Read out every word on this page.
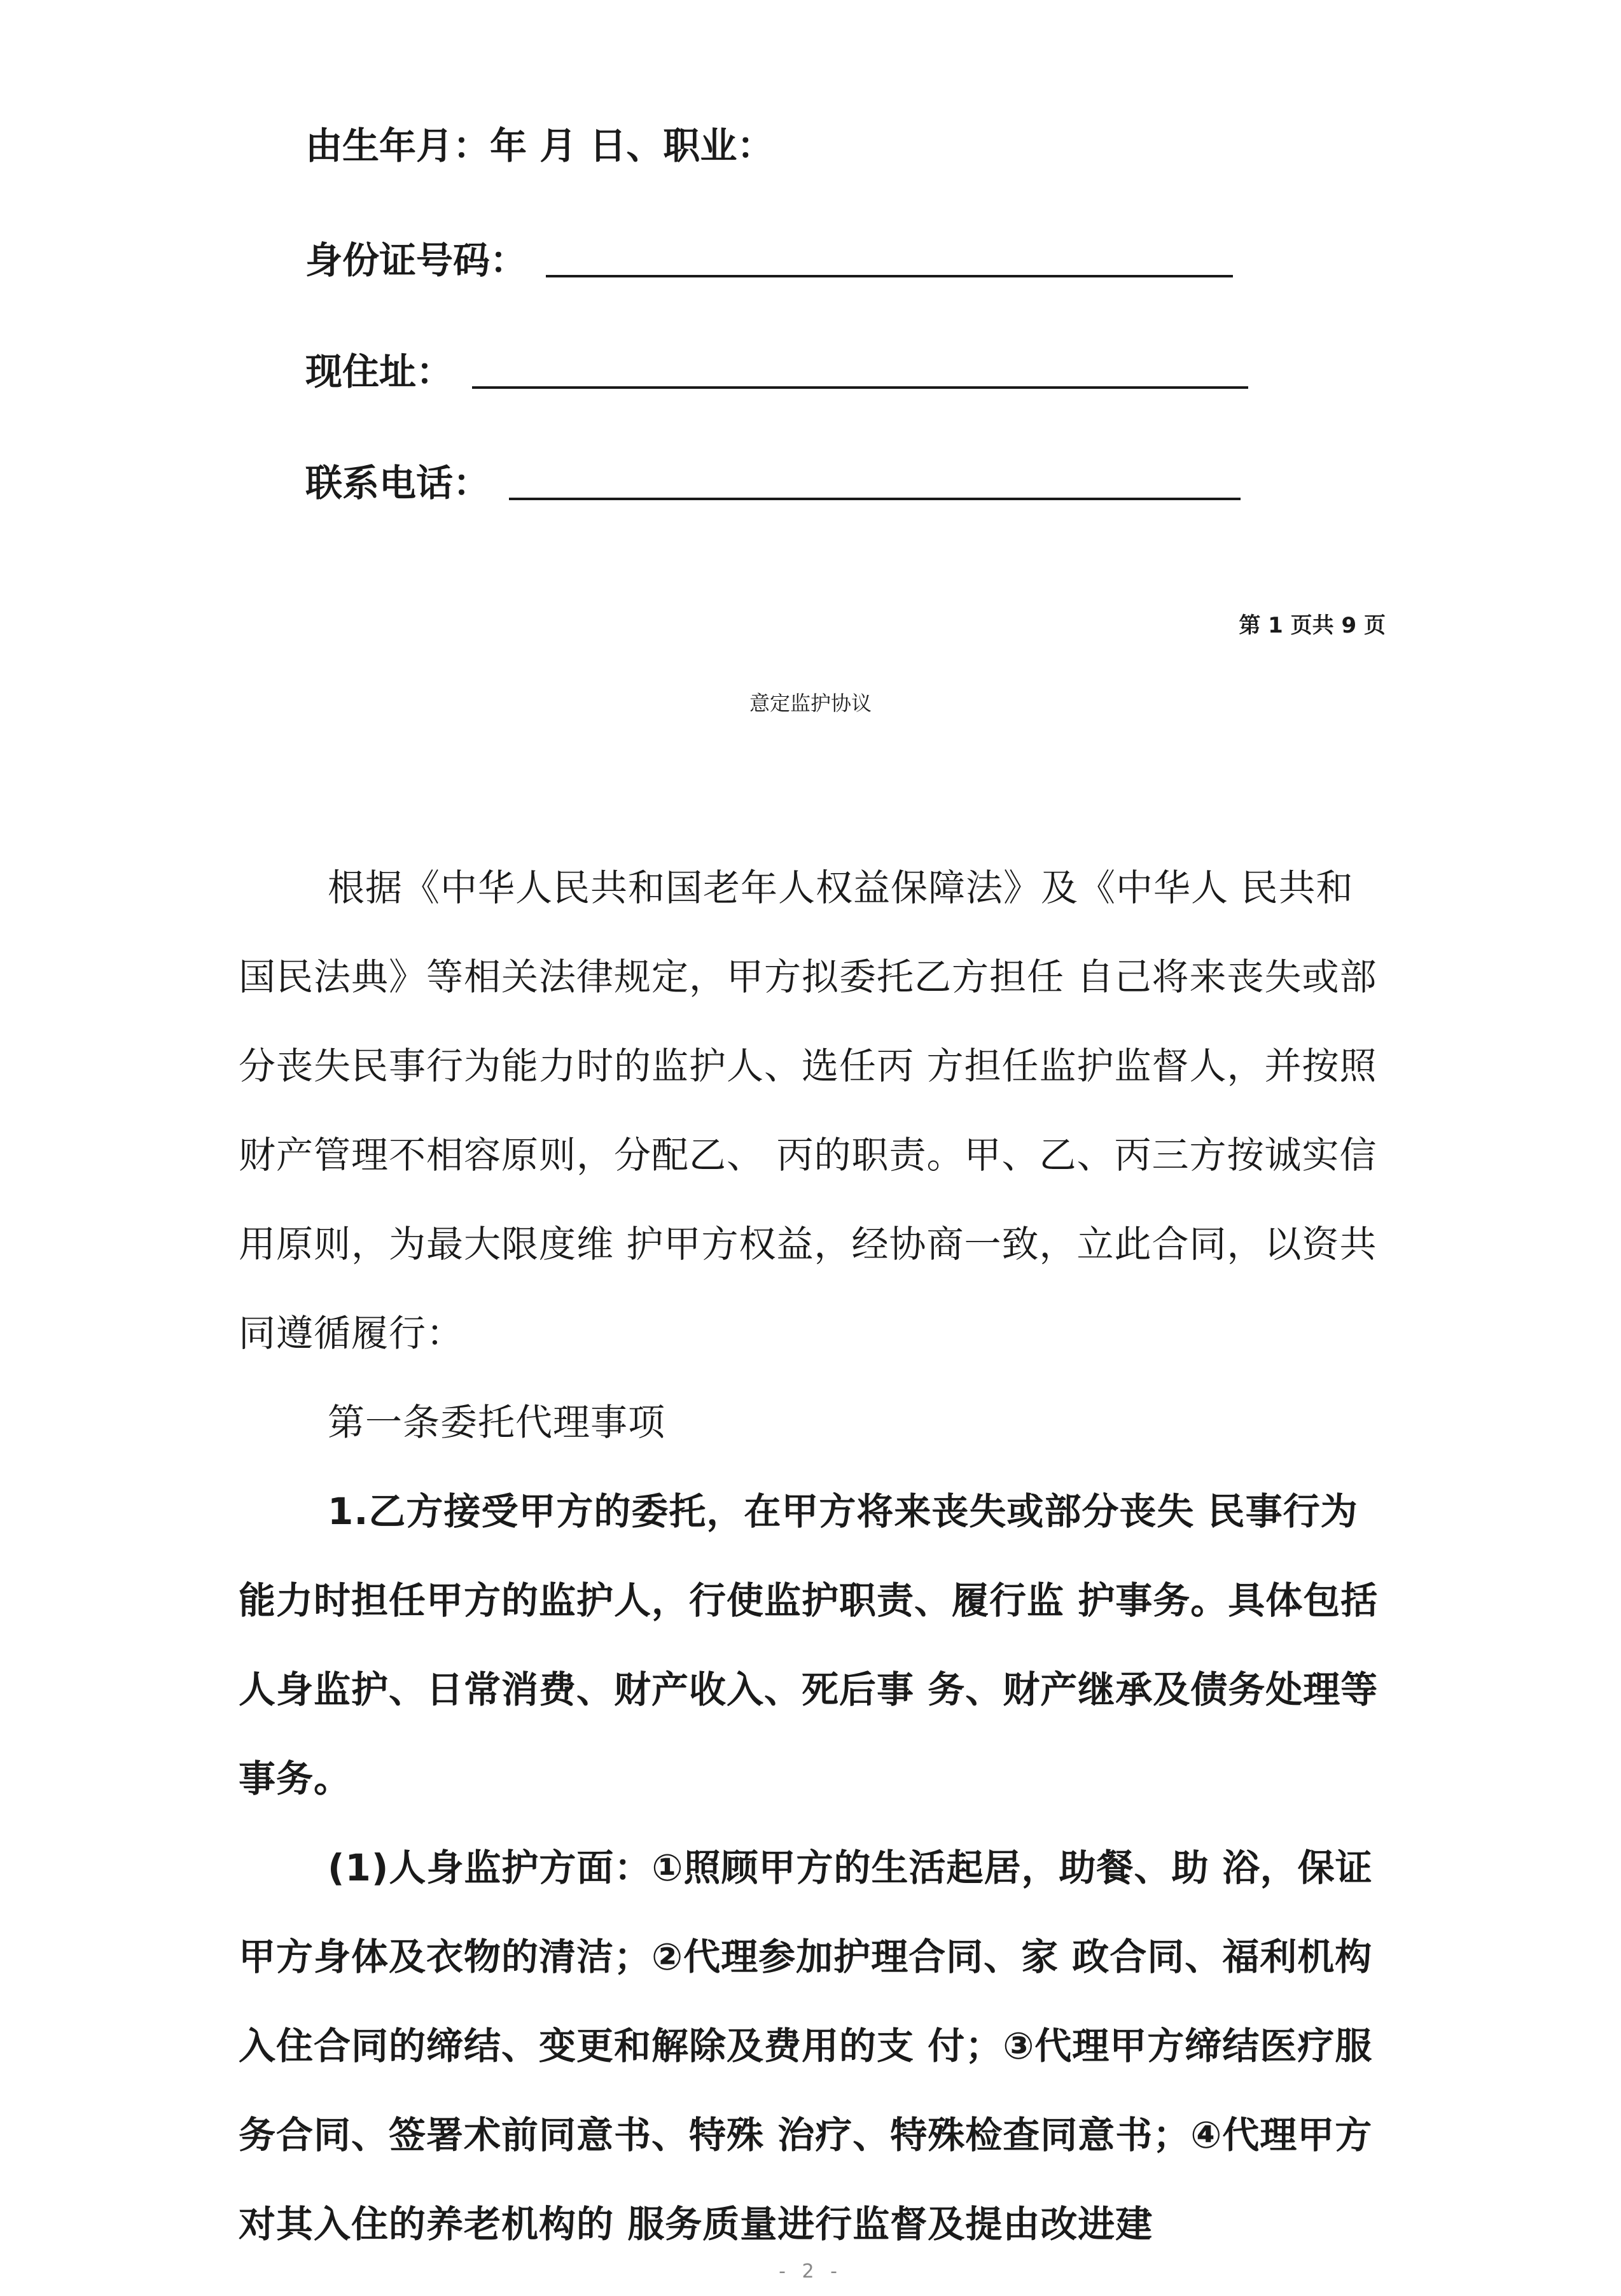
由生年月：年 月 日、职业：
身份证号码：
现住址：
联系电话：
第 1 页共 9 页
意定监护协议

根据《中华人民共和国老年人权益保障法》及《中华人 民共和国民法典》等相关法律规定，甲方拟委托乙方担任 自己将来丧失或部分丧失民事行为能力时的监护人、选任丙 方担任监护监督人，并按照财产管理不相容原则，分配乙、 丙的职责。甲、乙、丙三方按诚实信用原则，为最大限度维 护甲方权益，经协商一致，立此合同，以资共同遵循履行：

第一条委托代理事项

1.乙方接受甲方的委托，在甲方将来丧失或部分丧失 民事行为能力时担任甲方的监护人，行使监护职责、履行监 护事务。具体包括人身监护、日常消费、财产收入、死后事 务、财产继承及债务处理等事务。

(1)人身监护方面：①照顾甲方的生活起居，助餐、助 浴，保证甲方身体及衣物的清洁；②代理参加护理合同、家 政合同、福利机构入住合同的缔结、变更和解除及费用的支 付；③代理甲方缔结医疗服务合同、签署术前同意书、特殊 治疗、特殊检查同意书；④代理甲方对其入住的养老机构的 服务质量进行监督及提由改进建

- 2 -
